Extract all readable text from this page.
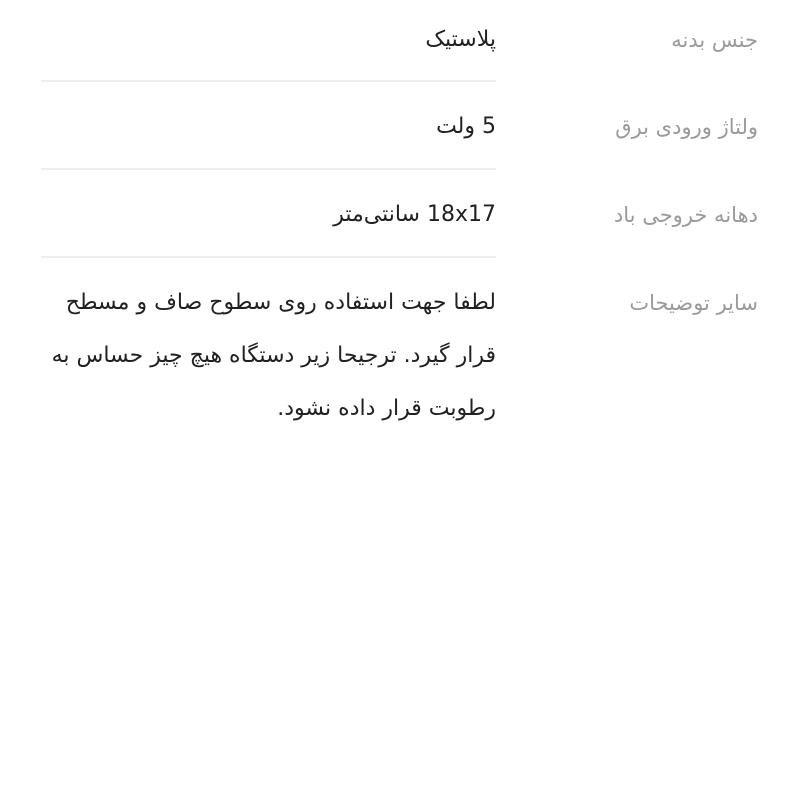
جنس بدنه
پلاستیک
ولتاژ ورودی برق
5 ولت
دهانه خروجی باد
18x17 سانتی‌متر
سایر توضیحات
لطفا جهت استفاده روی سطوح صاف و مسطح قرار گیرد. ترجیحا زیر دستگاه هیچ چیز حساس به رطوبت قرار داده نشود.
